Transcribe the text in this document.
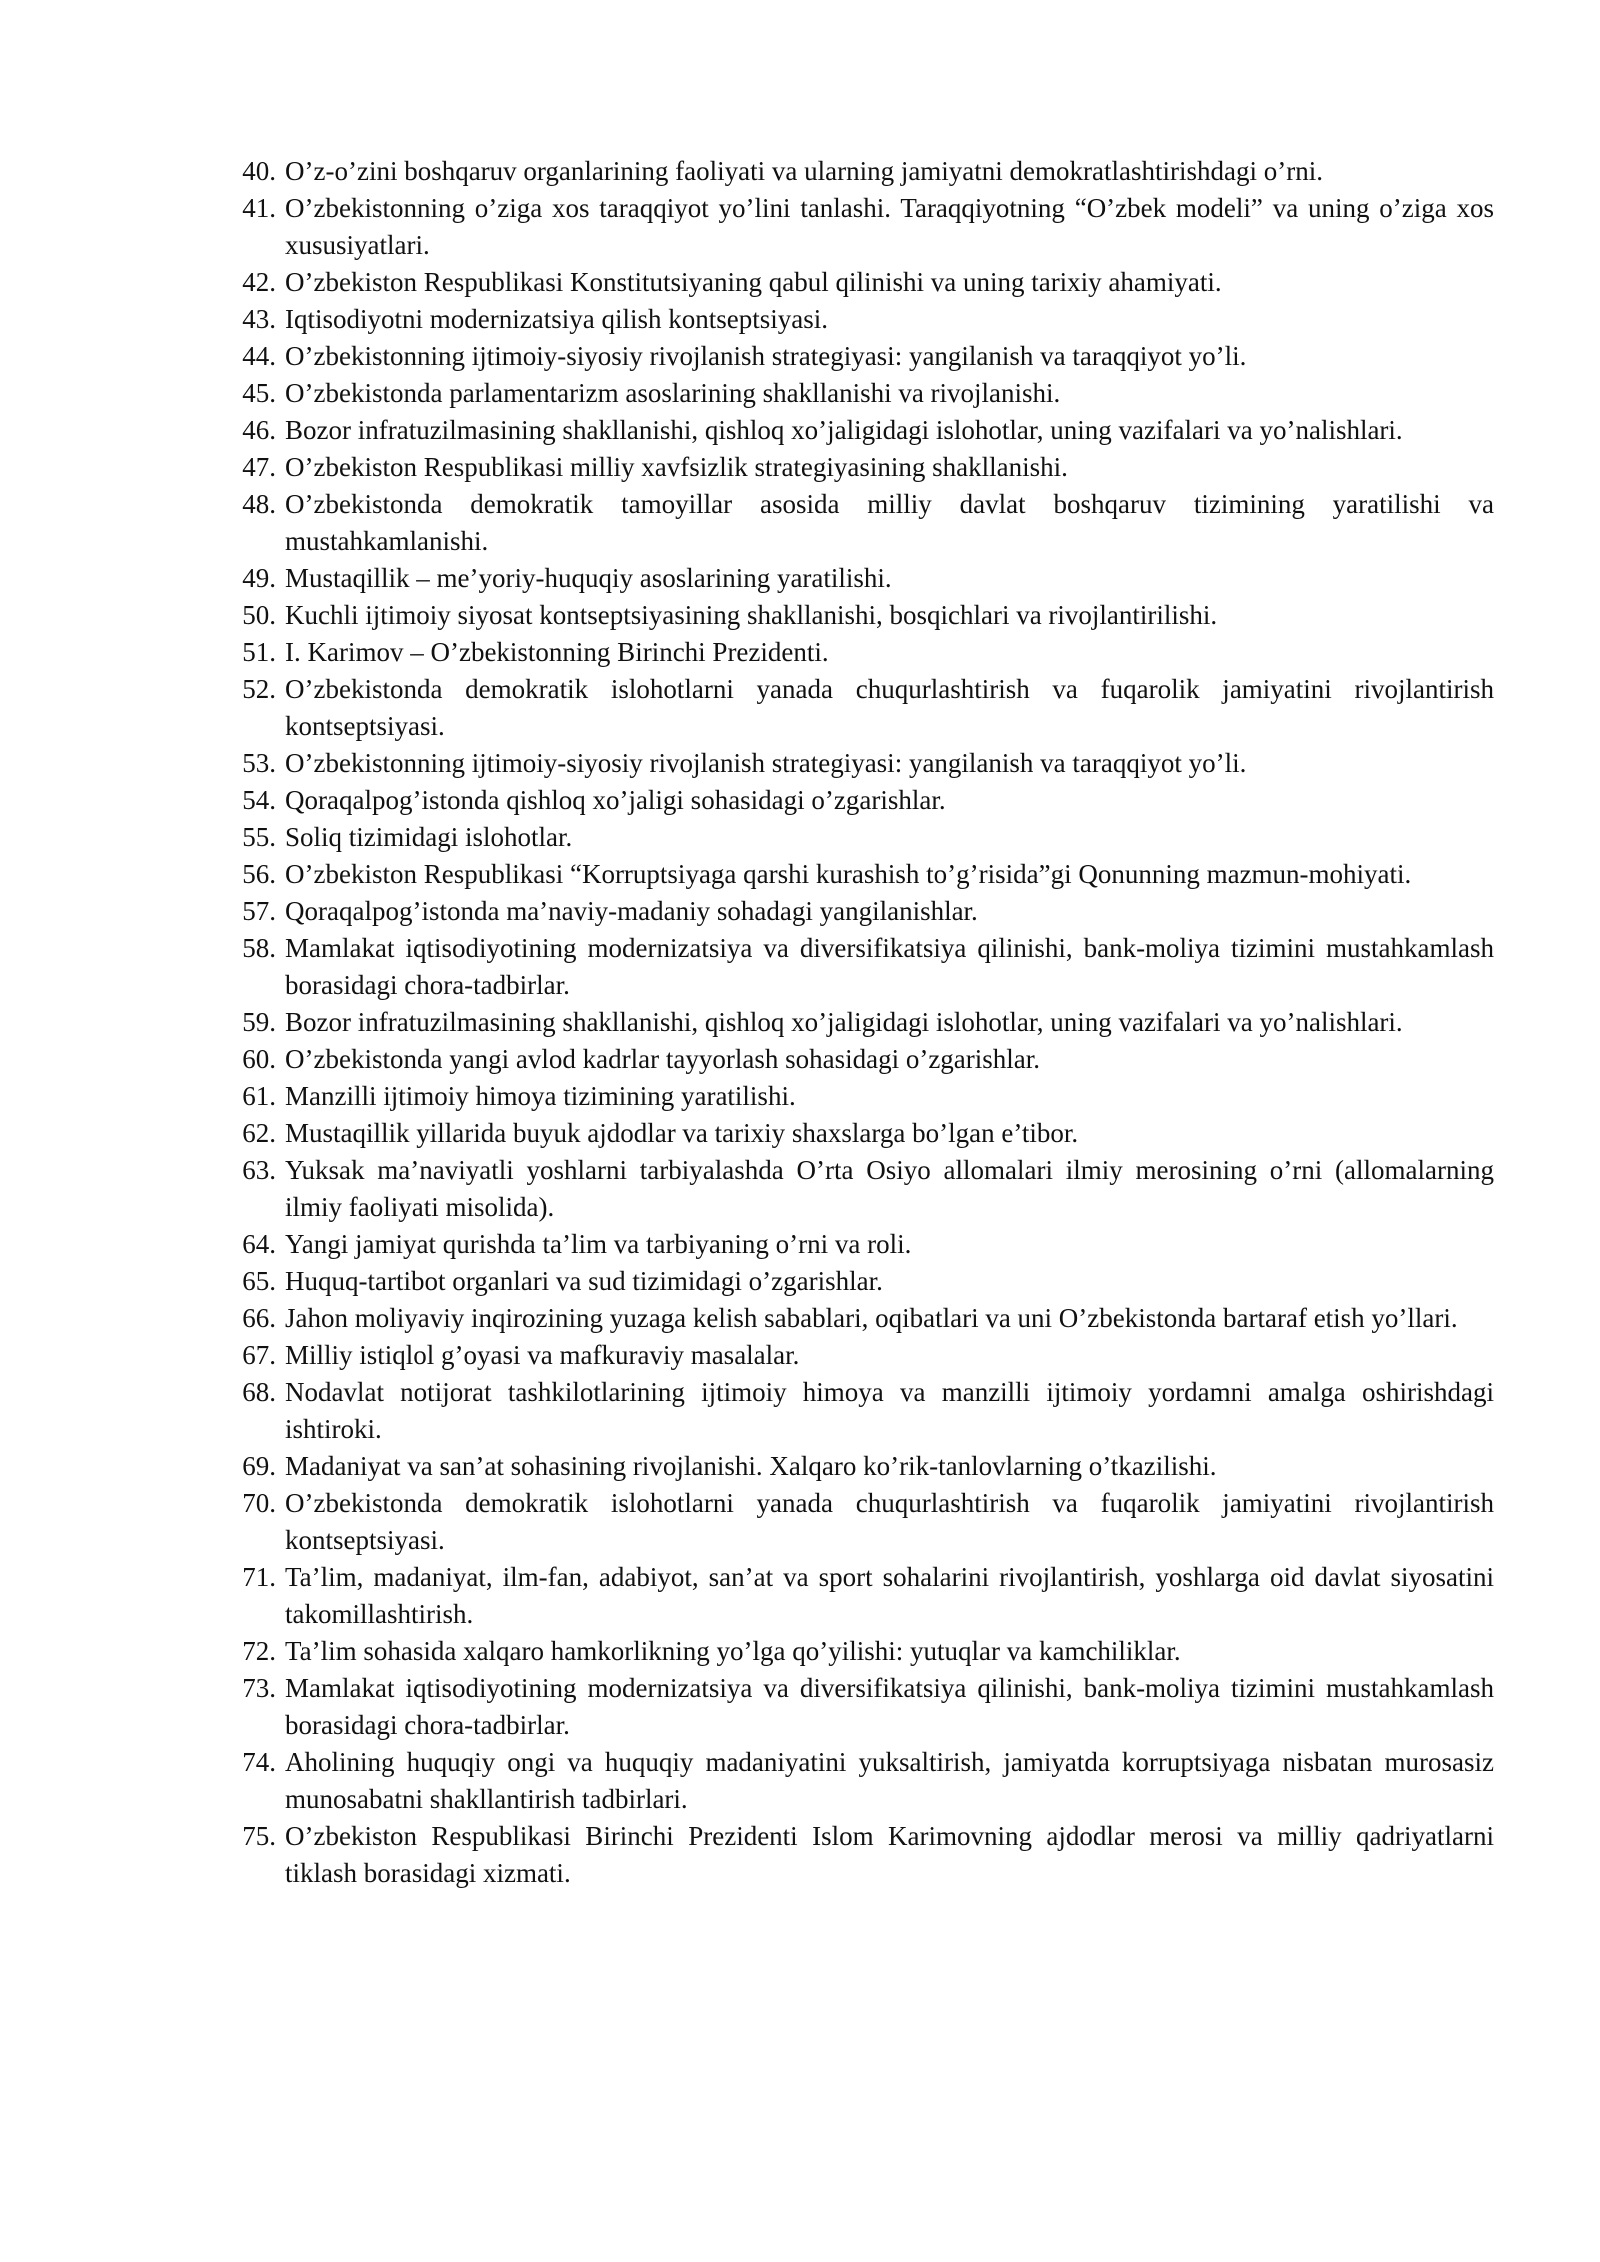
40. O’z-o’zini boshqaruv organlarining faoliyati va ularning jamiyatni demokratlashtirishdagi o’rni.
41. O’zbekistonning o’ziga xos taraqqiyot yo’lini tanlashi. Taraqqiyotning “O’zbek modeli” va uning o’ziga xos xususiyatlari.
42. O’zbekiston Respublikasi Konstitutsiyaning qabul qilinishi va uning tarixiy ahamiyati.
43. Iqtisodiyotni modernizatsiya qilish kontseptsiyasi.
44. O’zbekistonning ijtimoiy-siyosiy rivojlanish strategiyasi: yangilanish va taraqqiyot yo’li.
45. O’zbekistonda parlamentarizm asoslarining shakllanishi va rivojlanishi.
46. Bozor infratuzilmasining shakllanishi, qishloq xo’jaligidagi islohotlar, uning vazifalari va yo’nalishlari.
47. O’zbekiston Respublikasi milliy xavfsizlik strategiyasining shakllanishi.
48. O’zbekistonda demokratik tamoyillar asosida milliy davlat boshqaruv tizimining yaratilishi va mustahkamlanishi.
49. Mustaqillik – me’yoriy-huquqiy asoslarining yaratilishi.
50. Kuchli ijtimoiy siyosat kontseptsiyasining shakllanishi, bosqichlari va rivojlantirilishi.
51. I. Karimov – O’zbekistonning Birinchi Prezidenti.
52. O’zbekistonda demokratik islohotlarni yanada chuqurlashtirish va fuqarolik jamiyatini rivojlantirish kontseptsiyasi.
53. O’zbekistonning ijtimoiy-siyosiy rivojlanish strategiyasi: yangilanish va taraqqiyot yo’li.
54. Qoraqalpog’istonda qishloq xo’jaligi sohasidagi o’zgarishlar.
55. Soliq tizimidagi islohotlar.
56. O’zbekiston Respublikasi “Korruptsiyaga qarshi kurashish to’g’risida”gi Qonunning mazmun-mohiyati.
57. Qoraqalpog’istonda ma’naviy-madaniy sohadagi yangilanishlar.
58. Mamlakat iqtisodiyotining modernizatsiya va diversifikatsiya qilinishi, bank-moliya tizimini mustahkamlash borasidagi chora-tadbirlar.
59. Bozor infratuzilmasining shakllanishi, qishloq xo’jaligidagi islohotlar, uning vazifalari va yo’nalishlari.
60. O’zbekistonda yangi avlod kadrlar tayyorlash sohasidagi o’zgarishlar.
61. Manzilli ijtimoiy himoya tizimining yaratilishi.
62. Mustaqillik yillarida buyuk ajdodlar va tarixiy shaxslarga bo’lgan e’tibor.
63. Yuksak ma’naviyatli yoshlarni tarbiyalashda O’rta Osiyo allomalari ilmiy merosining o’rni (allomalarning ilmiy faoliyati misolida).
64. Yangi jamiyat qurishda ta’lim va tarbiyaning o’rni va roli.
65. Huquq-tartibot organlari va sud tizimidagi o’zgarishlar.
66. Jahon moliyaviy inqirozining yuzaga kelish sabablari, oqibatlari va uni O’zbekistonda bartaraf etish yo’llari.
67. Milliy istiqlol g’oyasi va mafkuraviy masalalar.
68. Nodavlat notijorat tashkilotlarining ijtimoiy himoya va manzilli ijtimoiy yordamni amalga oshirishdagi ishtiroki.
69. Madaniyat va san’at sohasining rivojlanishi. Xalqaro ko’rik-tanlovlarning o’tkazilishi.
70. O’zbekistonda demokratik islohotlarni yanada chuqurlashtirish va fuqarolik jamiyatini rivojlantirish kontseptsiyasi.
71. Ta’lim, madaniyat, ilm-fan, adabiyot, san’at va sport sohalarini rivojlantirish, yoshlarga oid davlat siyosatini takomillashtirish.
72. Ta’lim sohasida xalqaro hamkorlikning yo’lga qo’yilishi: yutuqlar va kamchiliklar.
73. Mamlakat iqtisodiyotining modernizatsiya va diversifikatsiya qilinishi, bank-moliya tizimini mustahkamlash borasidagi chora-tadbirlar.
74. Aholining huquqiy ongi va huquqiy madaniyatini yuksaltirish, jamiyatda korruptsiyaga nisbatan murosasiz munosabatni shakllantirish tadbirlari.
75. O’zbekiston Respublikasi Birinchi Prezidenti Islom Karimovning ajdodlar merosi va milliy qadriyatlarni tiklash borasidagi xizmati.
